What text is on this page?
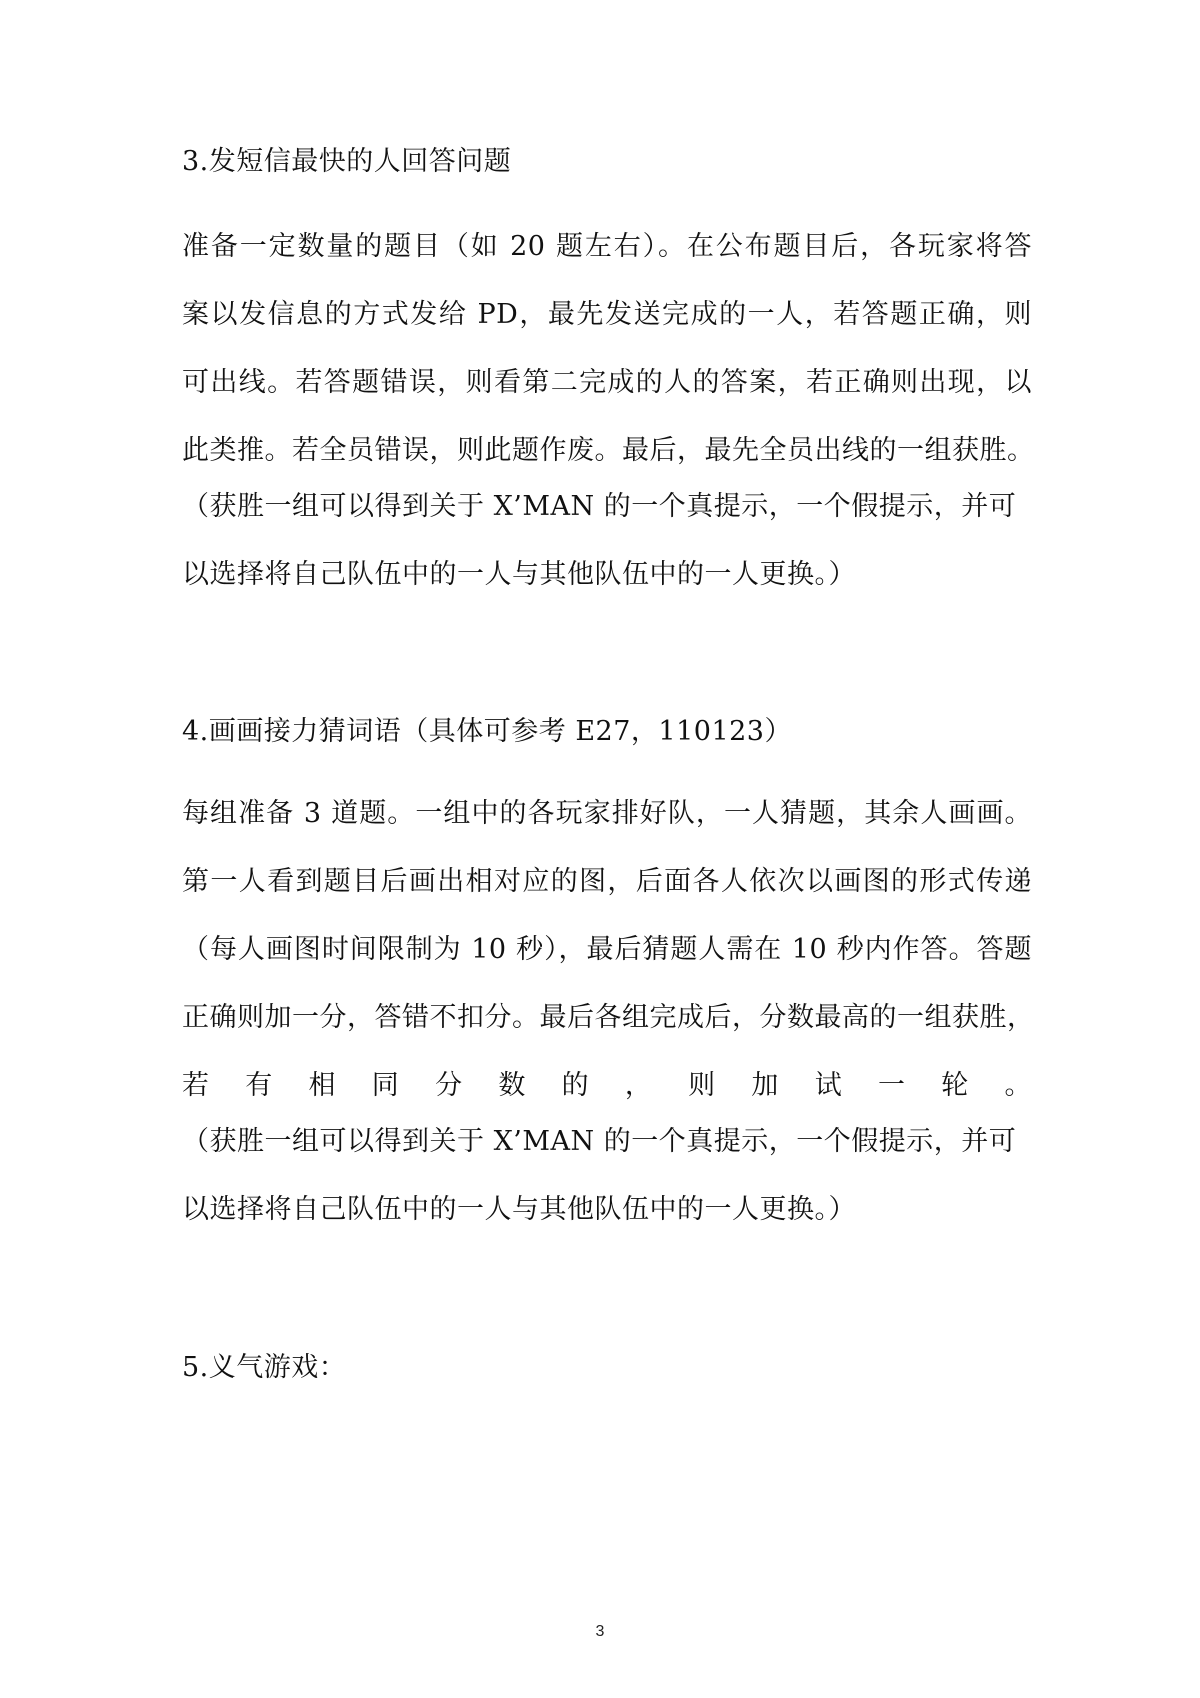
3.发短信最快的人回答问题
准备一定数量的题目（如 20 题左右）。在公布题目后，各玩家将答
案以发信息的方式发给 PD，最先发送完成的一人，若答题正确，则
可出线。若答题错误，则看第二完成的人的答案，若正确则出现，以
此类推。若全员错误，则此题作废。最后，最先全员出线的一组获胜。
（获胜一组可以得到关于 X’MAN 的一个真提示，一个假提示，并可
以选择将自己队伍中的一人与其他队伍中的一人更换。）
4.画画接力猜词语（具体可参考 E27，110123）
每组准备 3 道题。一组中的各玩家排好队，一人猜题，其余人画画。
第一人看到题目后画出相对应的图，后面各人依次以画图的形式传递
（每人画图时间限制为 10 秒），最后猜题人需在 10 秒内作答。答题
正确则加一分，答错不扣分。最后各组完成后，分数最高的一组获胜，
若有相同分数的，则加试一轮。
（获胜一组可以得到关于 X’MAN 的一个真提示，一个假提示，并可
以选择将自己队伍中的一人与其他队伍中的一人更换。）
5.义气游戏：
3
